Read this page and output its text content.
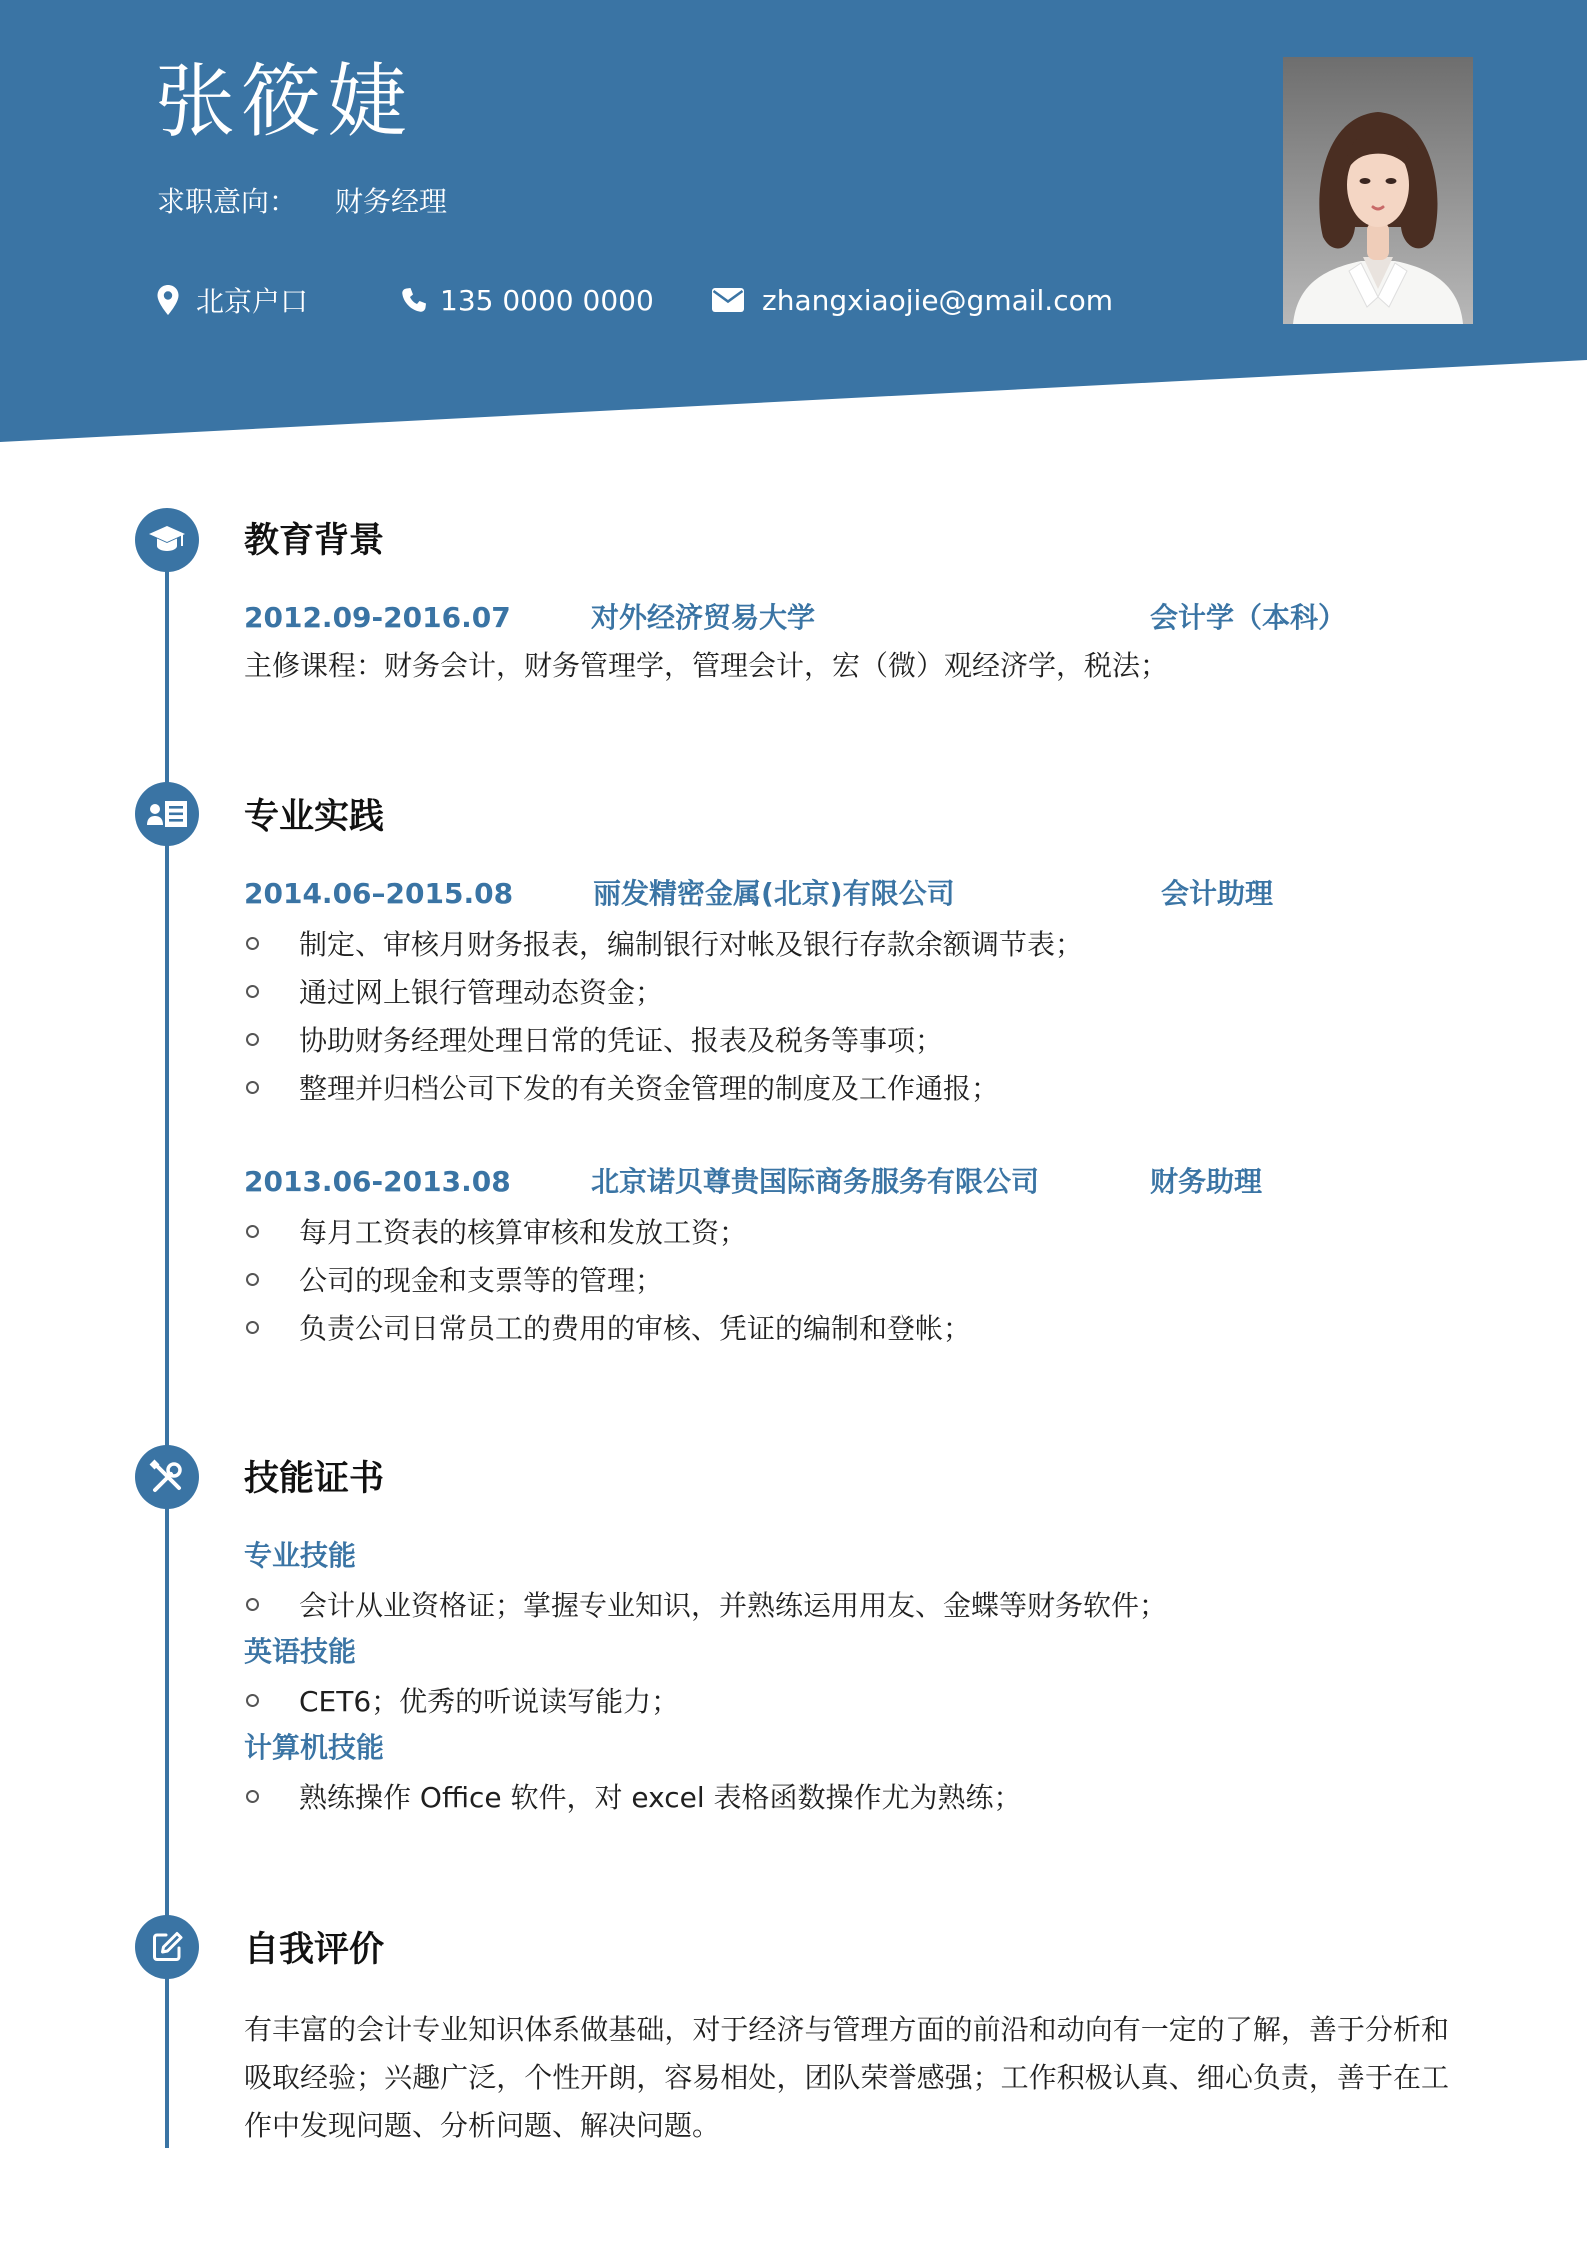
张筱婕
求职意向： 财务经理
北京户口	135 0000 0000	zhangxiaojie@gmail.com
教育背景
2012.09-2016.07	对外经济贸易大学	会计学（本科）
主修课程：财务会计，财务管理学，管理会计，宏（微）观经济学，税法；
专业实践
2014.06–2015.08	丽发精密金属(北京)有限公司	会计助理
制定、审核月财务报表，编制银行对帐及银行存款余额调节表；
通过网上银行管理动态资金；
协助财务经理处理日常的凭证、报表及税务等事项；
整理并归档公司下发的有关资金管理的制度及工作通报；
2013.06-2013.08	北京诺贝尊贵国际商务服务有限公司	财务助理
每月工资表的核算审核和发放工资；
公司的现金和支票等的管理；
负责公司日常员工的费用的审核、凭证的编制和登帐；
技能证书
专业技能
会计从业资格证；掌握专业知识，并熟练运用用友、金蝶等财务软件；
英语技能
CET6；优秀的听说读写能力；
计算机技能
熟练操作 Office 软件，对 excel 表格函数操作尤为熟练；
自我评价
有丰富的会计专业知识体系做基础，对于经济与管理方面的前沿和动向有一定的了解，善于分析和吸取经验；兴趣广泛，个性开朗，容易相处，团队荣誉感强；工作积极认真、细心负责，善于在工作中发现问题、分析问题、解决问题。
